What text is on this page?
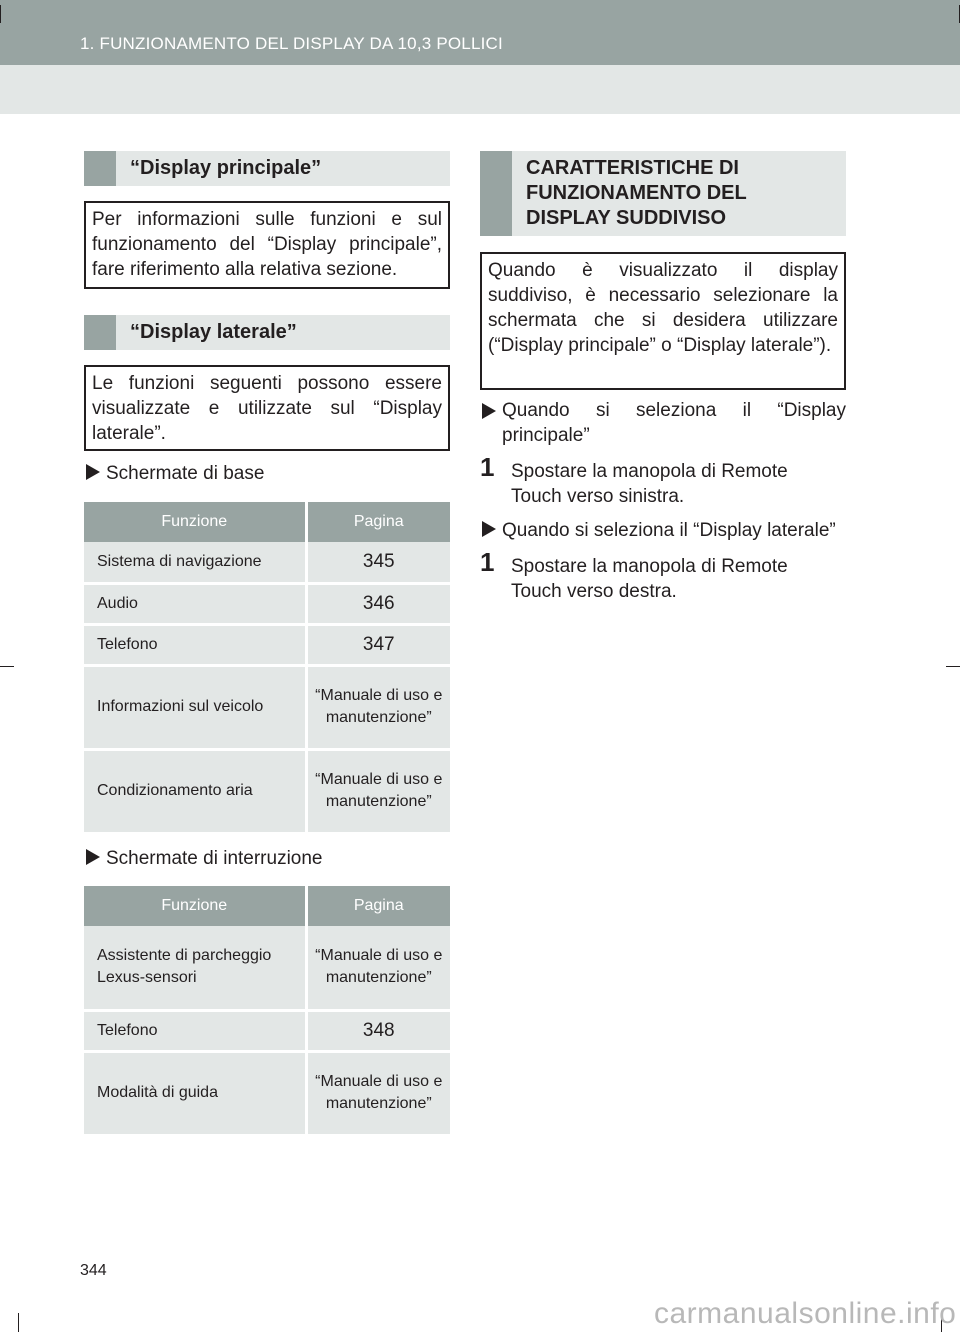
1. FUNZIONAMENTO DEL DISPLAY DA 10,3 POLLICI
“Display principale”
Per informazioni sulle funzioni e sul funzionamento del “Display principale”, fare riferimento alla relativa sezione.
“Display laterale”
Le funzioni seguenti possono essere visualizzate e utilizzate sul “Display laterale”.
Schermate di base
Funzione	Pagina
Sistema di navigazione	345
Audio	346
Telefono	347
Informazioni sul veicolo	“Manuale di uso e manutenzione”
Condizionamento aria	“Manuale di uso e manutenzione”
Schermate di interruzione
Funzione	Pagina
Assistente di parcheggio Lexus-sensori	“Manuale di uso e manutenzione”
Telefono	348
Modalità di guida	“Manuale di uso e manutenzione”
CARATTERISTICHE DI FUNZIONAMENTO DEL DISPLAY SUDDIVISO
Quando è visualizzato il display suddiviso, è necessario selezionare la schermata che si desidera utilizzare (“Display principale” o “Display laterale”).
Quando si seleziona il “Display principale”
1 Spostare la manopola di Remote Touch verso sinistra.
Quando si seleziona il “Display laterale”
1 Spostare la manopola di Remote Touch verso destra.
344
carmanualsonline.info
